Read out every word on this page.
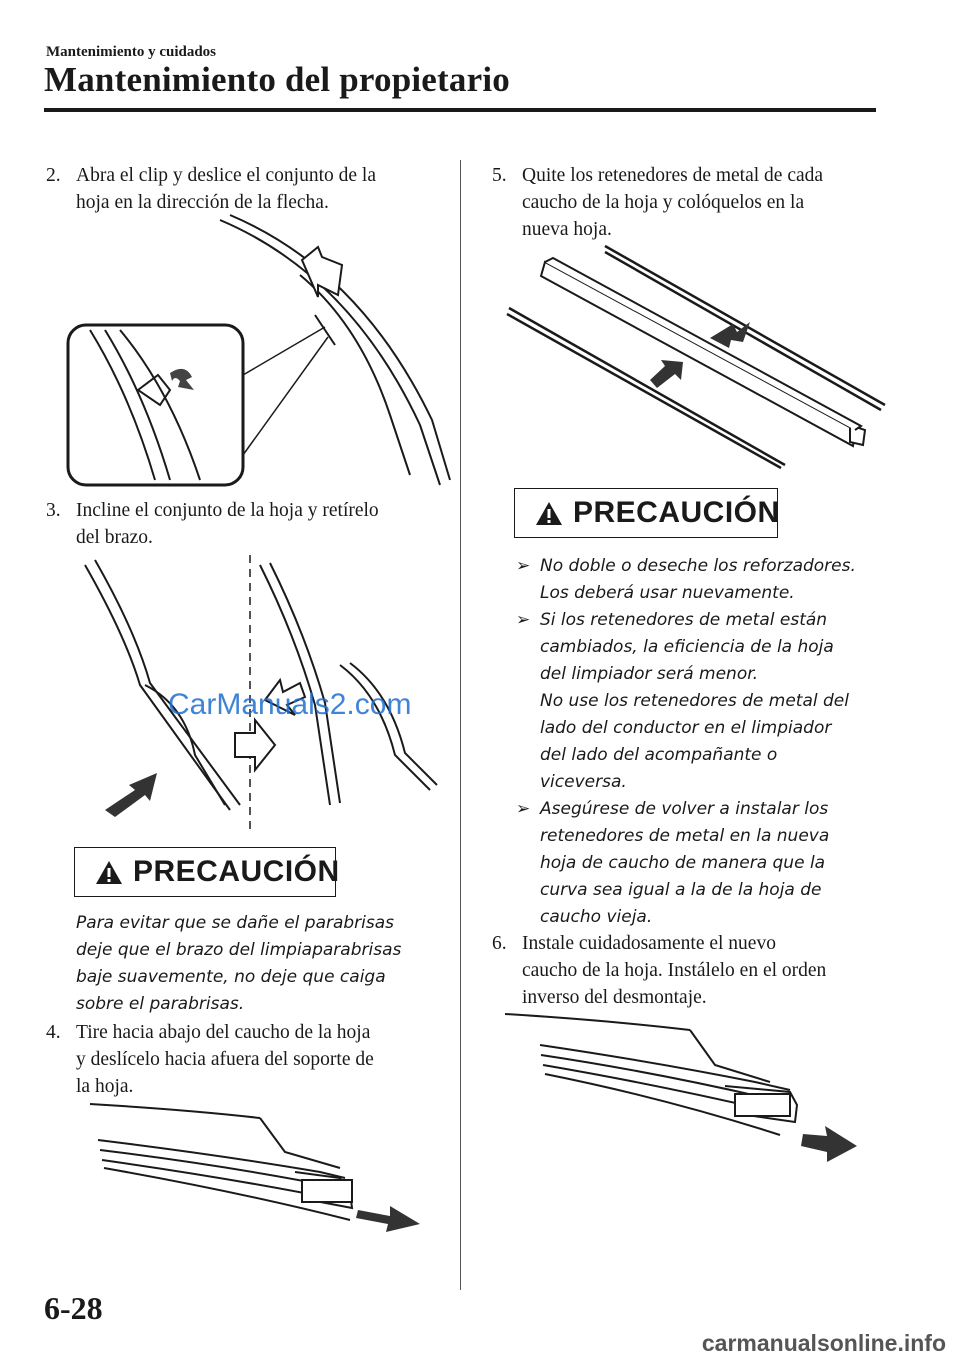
Mantenimiento y cuidados
Mantenimiento del propietario
2. Abra el clip y deslice el conjunto de la
hoja en la dirección de la flecha.
3. Incline el conjunto de la hoja y retírelo
del brazo.
CarManuals2.com
PRECAUCIÓN
Para evitar que se dañe el parabrisas
deje que el brazo del limpiaparabrisas
baje suavemente, no deje que caiga
sobre el parabrisas.
4. Tire hacia abajo del caucho de la hoja
y deslícelo hacia afuera del soporte de
la hoja.
5. Quite los retenedores de metal de cada
caucho de la hoja y colóquelos en la
nueva hoja.
PRECAUCIÓN
➢ No doble o deseche los reforzadores.
Los deberá usar nuevamente.
➢ Si los retenedores de metal están
cambiados, la eficiencia de la hoja
del limpiador será menor.
No use los retenedores de metal del
lado del conductor en el limpiador
del lado del acompañante o
viceversa.
➢ Asegúrese de volver a instalar los
retenedores de metal en la nueva
hoja de caucho de manera que la
curva sea igual a la de la hoja de
caucho vieja.
6. Instale cuidadosamente el nuevo
caucho de la hoja. Instálelo en el orden
inverso del desmontaje.
6-28
carmanualsonline.info
